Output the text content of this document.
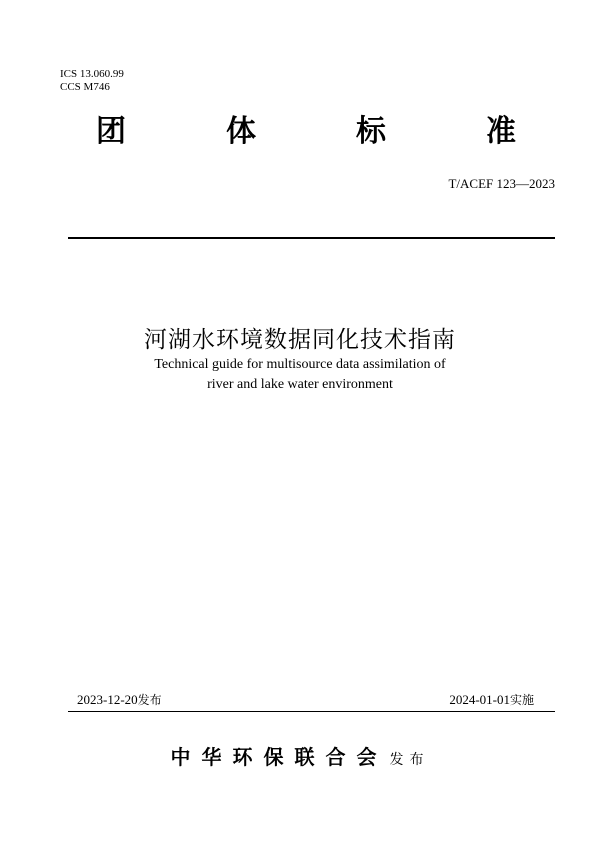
ICS 13.060.99
CCS M746
团	体	标	准
T/ACEF 123—2023
河湖水环境数据同化技术指南
Technical guide for multisource data assimilation of
river and lake water environment
2023-12-20发布	2024-01-01实施
中华环保联合会 发布
